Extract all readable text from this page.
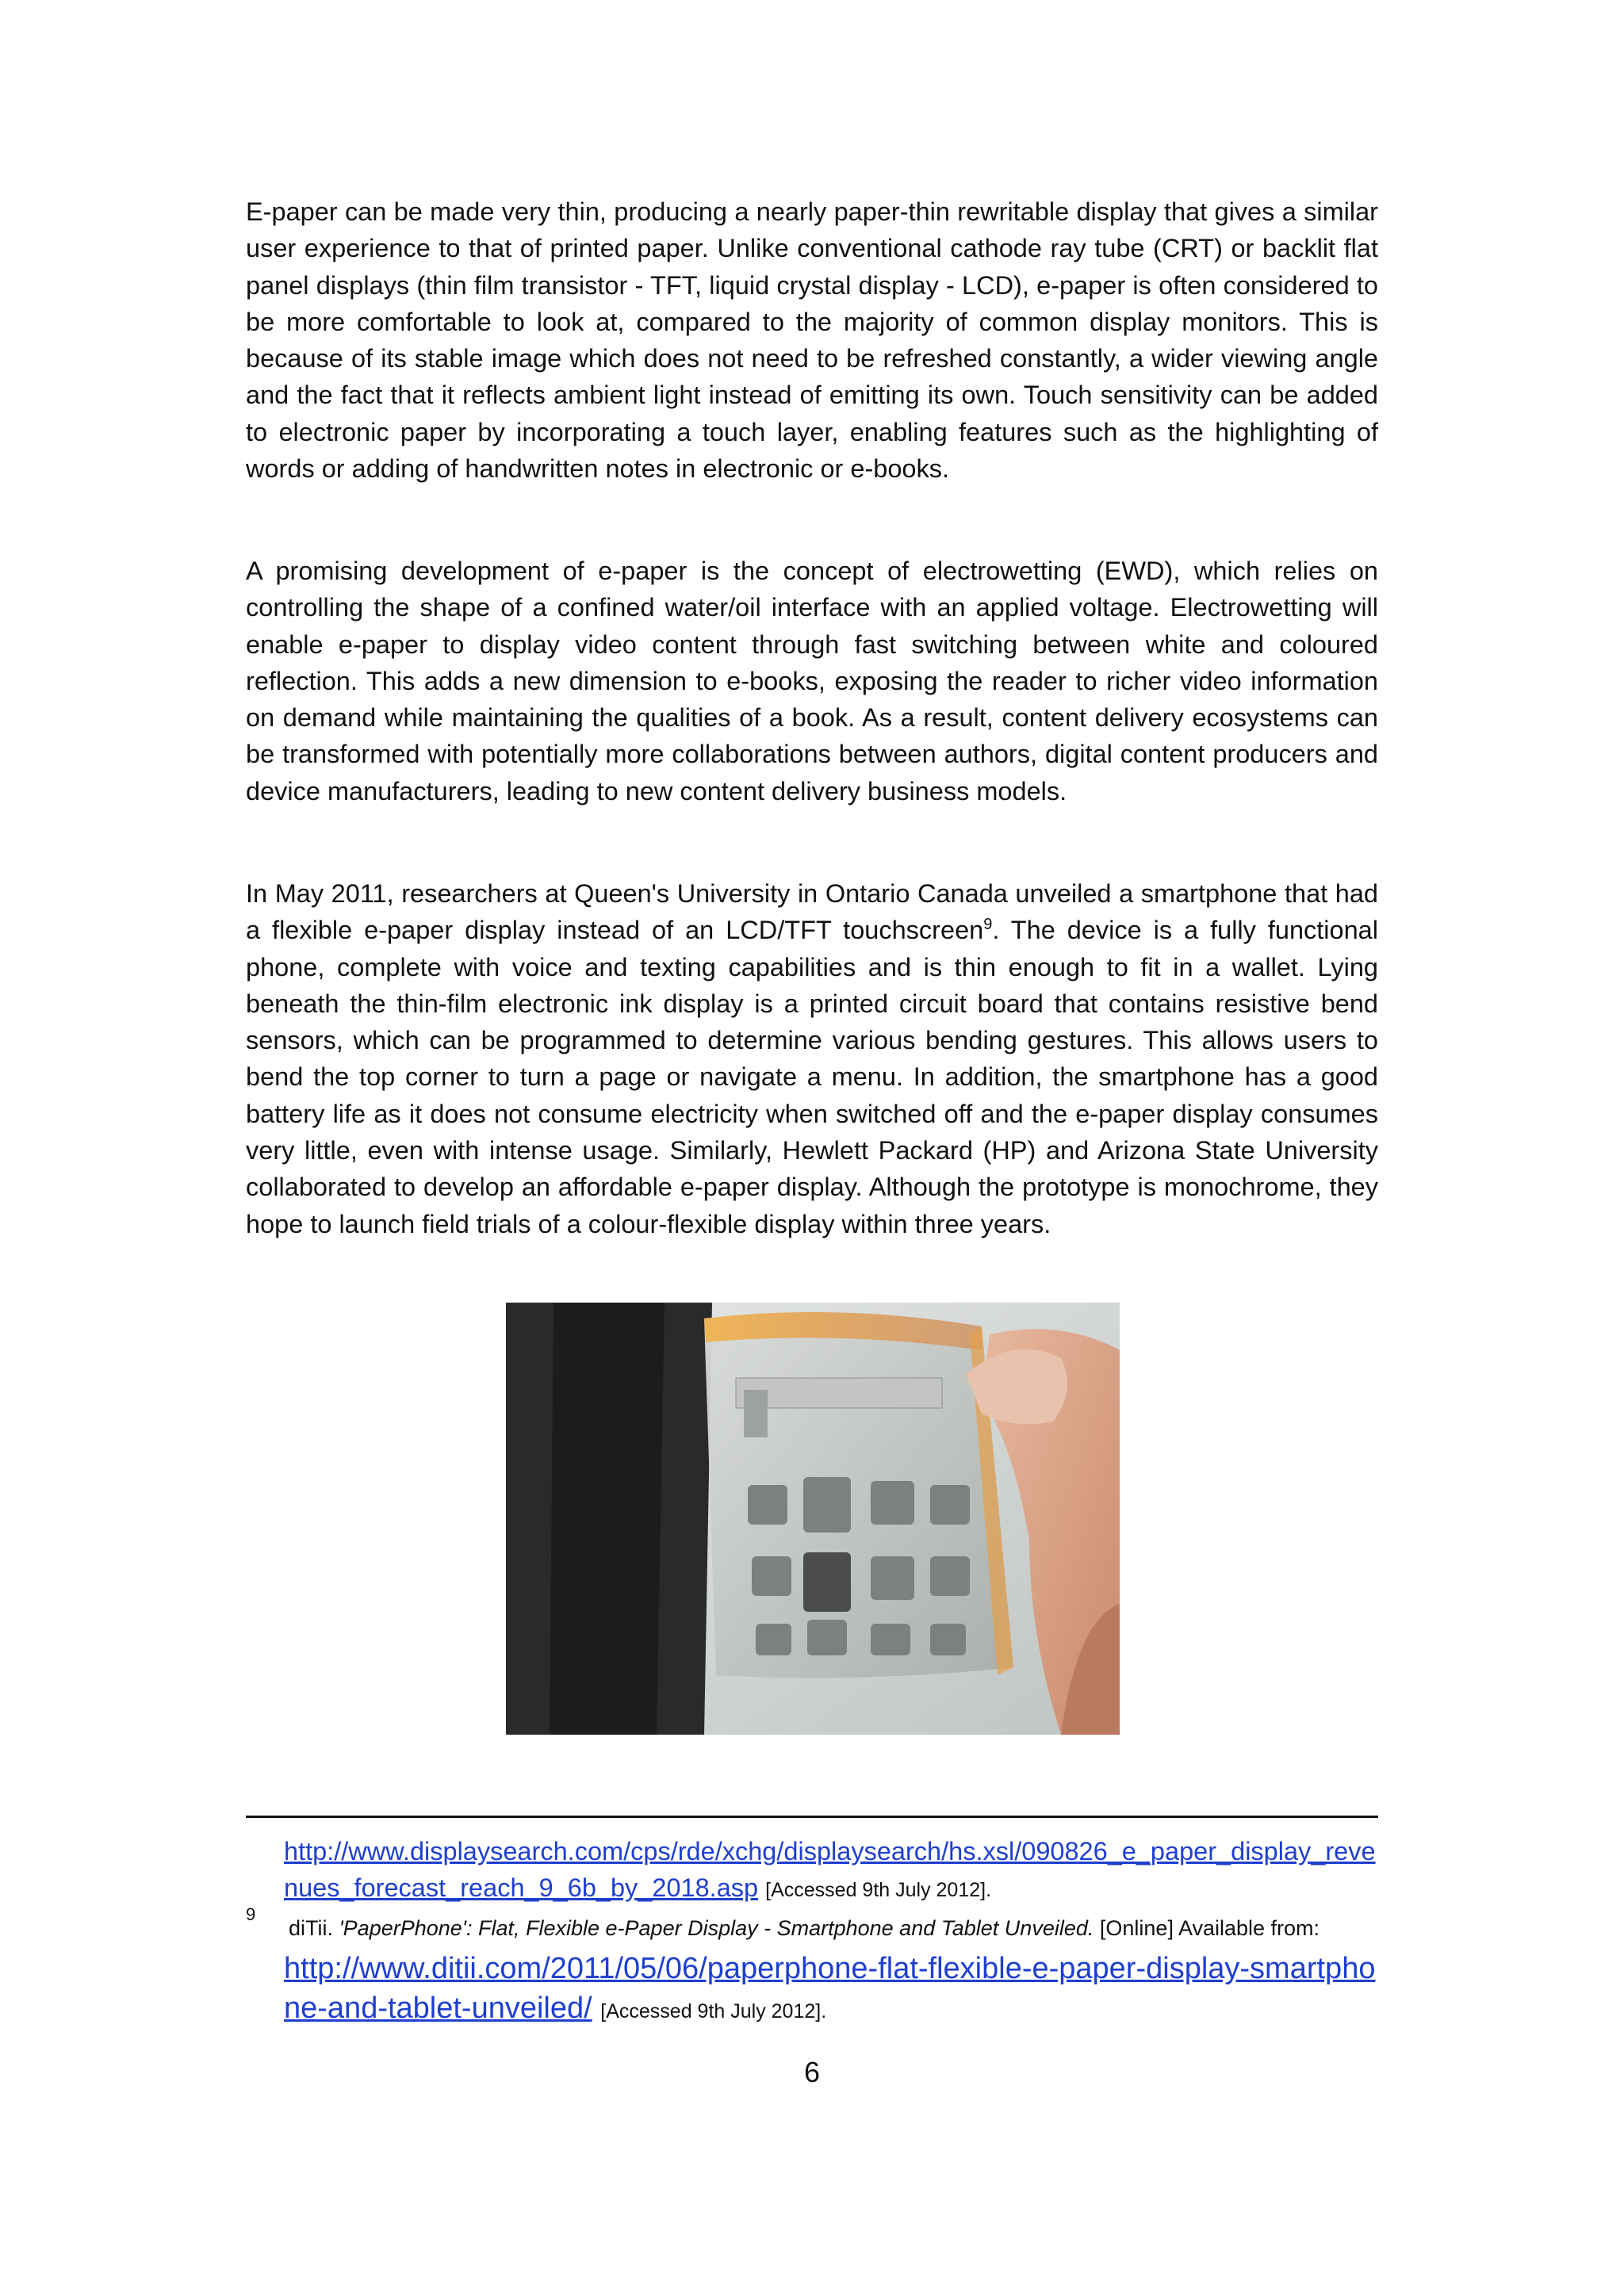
E-paper can be made very thin, producing a nearly paper-thin rewritable display that gives a similar user experience to that of printed paper. Unlike conventional cathode ray tube (CRT) or backlit flat panel displays (thin film transistor - TFT, liquid crystal display - LCD), e-paper is often considered to be more comfortable to look at, compared to the majority of common display monitors. This is because of its stable image which does not need to be refreshed constantly, a wider viewing angle and the fact that it reflects ambient light instead of emitting its own. Touch sensitivity can be added to electronic paper by incorporating a touch layer, enabling features such as the highlighting of words or adding of handwritten notes in electronic or e-books.

A promising development of e-paper is the concept of electrowetting (EWD), which relies on controlling the shape of a confined water/oil interface with an applied voltage. Electrowetting will enable e-paper to display video content through fast switching between white and coloured reflection. This adds a new dimension to e-books, exposing the reader to richer video information on demand while maintaining the qualities of a book. As a result, content delivery ecosystems can be transformed with potentially more collaborations between authors, digital content producers and device manufacturers, leading to new content delivery business models.

In May 2011, researchers at Queen's University in Ontario Canada unveiled a smartphone that had a flexible e-paper display instead of an LCD/TFT touchscreen$^9$. The device is a fully functional phone, complete with voice and texting capabilities and is thin enough to fit in a wallet. Lying beneath the thin-film electronic ink display is a printed circuit board that contains resistive bend sensors, which can be programmed to determine various bending gestures. This allows users to bend the top corner to turn a page or navigate a menu. In addition, the smartphone has a good battery life as it does not consume electricity when switched off and the e-paper display consumes very little, even with intense usage. Similarly, Hewlett Packard (HP) and Arizona State University collaborated to develop an affordable e-paper display. Although the prototype is monochrome, they hope to launch field trials of a colour-flexible display within three years.

http://www.displaysearch.com/cps/rde/xchg/displaysearch/hs.xsl/090826_e_paper_display_revenues_forecast_reach_9_6b_by_2018.asp [Accessed 9th July 2012].

9

diTii. 'PaperPhone': Flat, Flexible e-Paper Display - Smartphone and Tablet Unveiled. [Online] Available from:

http://www.ditii.com/2011/05/06/paperphone-flat-flexible-e-paper-display-smartphone-and-tablet-unveiled/ [Accessed 9th July 2012].

6
